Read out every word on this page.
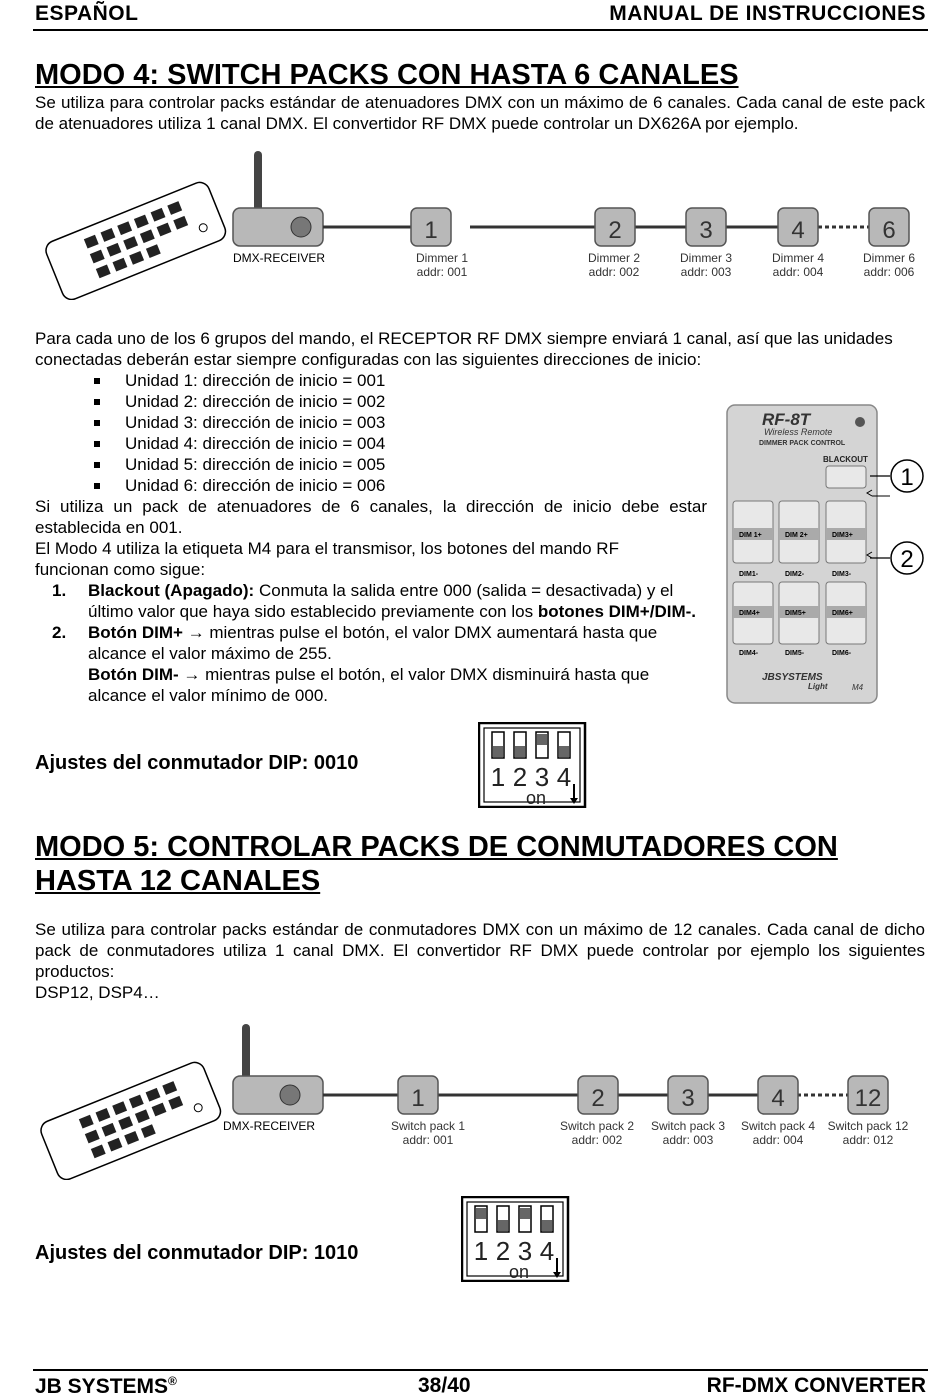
ESPAÑOL	MANUAL DE INSTRUCCIONES
MODO 4: SWITCH PACKS CON HASTA 6 CANALES

Se utiliza para controlar packs estándar de atenuadores DMX con un máximo de 6 canales. Cada canal de este pack de atenuadores utiliza 1 canal DMX. El convertidor RF DMX puede controlar un DX626A por ejemplo.

DMX-RECEIVER
1
Dimmer 1
addr: 001
2
Dimmer 2
addr: 002
3
Dimmer 3
addr: 003
4
Dimmer 4
addr: 004
6
Dimmer 6
addr: 006

Para cada uno de los 6 grupos del mando, el RECEPTOR RF DMX siempre enviará 1 canal, así que las unidades conectadas deberán estar siempre configuradas con las siguientes direcciones de inicio:

Unidad 1: dirección de inicio = 001
Unidad 2: dirección de inicio = 002
Unidad 3: dirección de inicio = 003
Unidad 4: dirección de inicio = 004
Unidad 5: dirección de inicio = 005
Unidad 6: dirección de inicio = 006

Si utiliza un pack de atenuadores de 6 canales, la dirección de inicio debe estar establecida en 001.

El Modo 4 utiliza la etiqueta M4 para el transmisor, los botones del mando RF funcionan como sigue:

1. Blackout (Apagado): Conmuta la salida entre 000 (salida = desactivada) y el último valor que haya sido establecido previamente con los botones DIM+/DIM-.
2. Botón DIM+ → mientras pulse el botón, el valor DMX aumentará hasta que alcance el valor máximo de 255.
Botón DIM- → mientras pulse el botón, el valor DMX disminuirá hasta que alcance el valor mínimo de 000.
RF-8T
Wireless Remote
DIMMER PACK CONTROL
BLACKOUT
DIM 1+	DIM 2+	DIM3+
DIM1-	DIM2-	DIM3-
DIM4+	DIM5+	DIM6+
DIM4-	DIM5-	DIM6-
JBSYSTEMS
Light	M4
1
2
Ajustes del conmutador DIP: 0010	1 2 3 4
on
MODO 5: CONTROLAR PACKS DE CONMUTADORES CON
HASTA 12 CANALES

Se utiliza para controlar packs estándar de conmutadores DMX con un máximo de 12 canales. Cada canal de dicho pack de conmutadores utiliza 1 canal DMX. El convertidor RF DMX puede controlar por ejemplo los siguientes productos:

DSP12, DSP4…

DMX-RECEIVER
1
Switch pack 1
addr: 001
2
Switch pack 2
addr: 002
3
Switch pack 3
addr: 003
4
Switch pack 4
addr: 004
12
Switch pack 12
addr: 012
Ajustes del conmutador DIP: 1010	1 2 3 4
on
JB SYSTEMS®	38/40	RF-DMX CONVERTER
